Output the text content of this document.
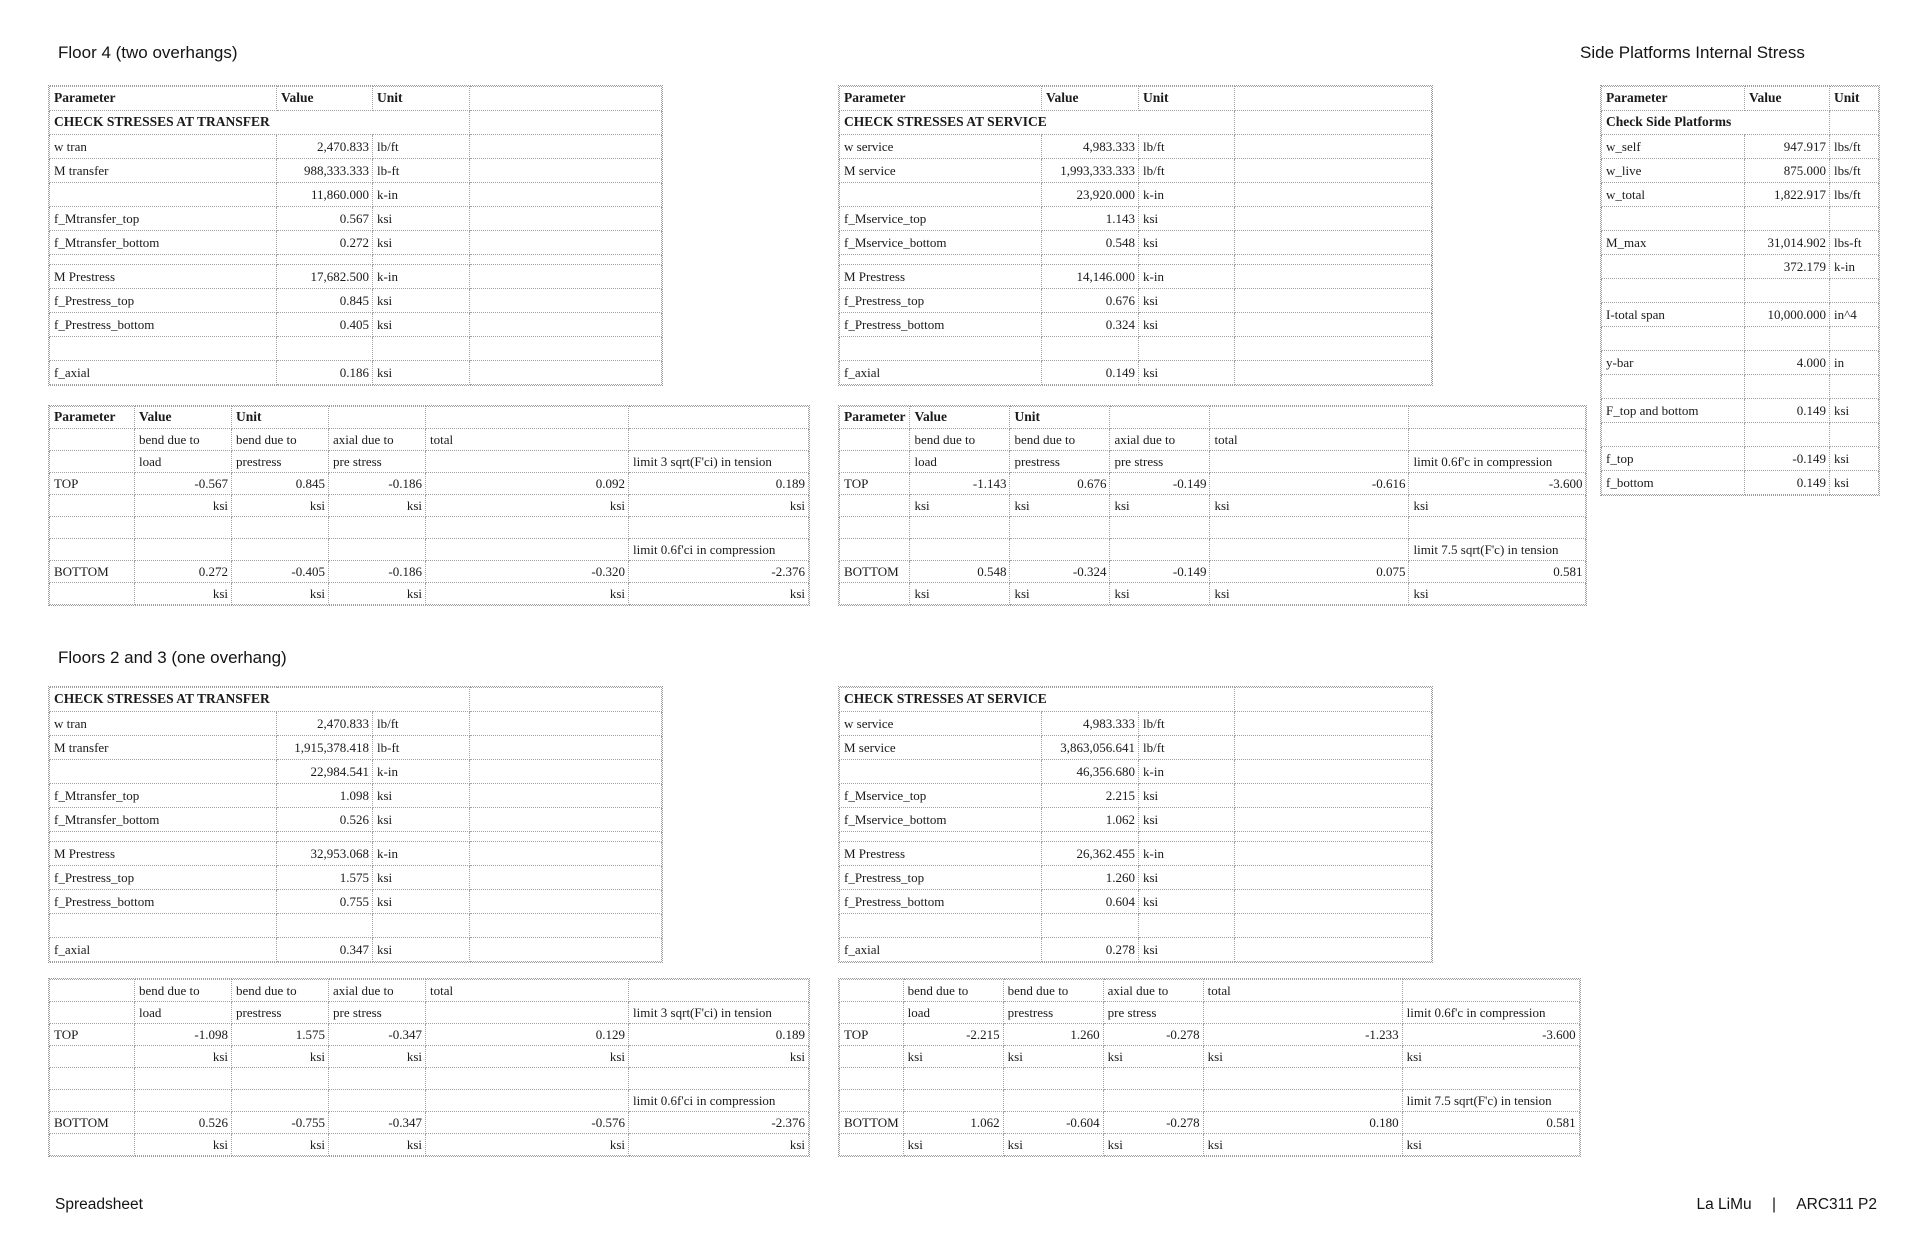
Floor 4 (two overhangs)	Side Platforms Internal Stress
Floors 2 and 3 (one overhang)
Parameter	Value	Unit	
CHECK STRESSES AT TRANSFER			
w tran	2,470.833	lb/ft	
M transfer	988,333.333	lb-ft	
	11,860.000	k-in	
f_Mtransfer_top	0.567	ksi	
f_Mtransfer_bottom	0.272	ksi	

M Prestress	17,682.500	k-in	
f_Prestress_top	0.845	ksi	
f_Prestress_bottom	0.405	ksi	

f_axial	0.186	ksi	
Parameter	Value	Unit	
CHECK STRESSES AT SERVICE			
w service	4,983.333	lb/ft	
M service	1,993,333.333	lb/ft	
	23,920.000	k-in	
f_Mservice_top	1.143	ksi	
f_Mservice_bottom	0.548	ksi	

M Prestress	14,146.000	k-in	
f_Prestress_top	0.676	ksi	
f_Prestress_bottom	0.324	ksi	

f_axial	0.149	ksi	
Parameter	Value	Unit
Check Side Platforms		
w_self	947.917	lbs/ft
w_live	875.000	lbs/ft
w_total	1,822.917	lbs/ft

M_max	31,014.902	lbs-ft
	372.179	k-in

I-total span	10,000.000	in^4

y-bar	4.000	in

F_top and bottom	0.149	ksi

f_top	-0.149	ksi
f_bottom	0.149	ksi
Parameter	Value	Unit			
	bend due to	bend due to	axial due to	total	
	load	prestress	pre stress		limit 3 sqrt(F'ci) in tension
TOP	-0.567	0.845	-0.186	0.092	0.189
	ksi	ksi	ksi	ksi	ksi

					limit 0.6f'ci in compression
BOTTOM	0.272	-0.405	-0.186	-0.320	-2.376
	ksi	ksi	ksi	ksi	ksi
Parameter	Value	Unit			
	bend due to	bend due to	axial due to	total	
	load	prestress	pre stress		limit 0.6f'c in compression
TOP	-1.143	0.676	-0.149	-0.616	-3.600
	ksi	ksi	ksi	ksi	ksi

					limit 7.5 sqrt(F'c) in tension
BOTTOM	0.548	-0.324	-0.149	0.075	0.581
	ksi	ksi	ksi	ksi	ksi
CHECK STRESSES AT TRANSFER			
w tran	2,470.833	lb/ft	
M transfer	1,915,378.418	lb-ft	
	22,984.541	k-in	
f_Mtransfer_top	1.098	ksi	
f_Mtransfer_bottom	0.526	ksi	

M Prestress	32,953.068	k-in	
f_Prestress_top	1.575	ksi	
f_Prestress_bottom	0.755	ksi	

f_axial	0.347	ksi	
CHECK STRESSES AT SERVICE			
w service	4,983.333	lb/ft	
M service	3,863,056.641	lb/ft	
	46,356.680	k-in	
f_Mservice_top	2.215	ksi	
f_Mservice_bottom	1.062	ksi	

M Prestress	26,362.455	k-in	
f_Prestress_top	1.260	ksi	
f_Prestress_bottom	0.604	ksi	

f_axial	0.278	ksi	
	bend due to	bend due to	axial due to	total	
	load	prestress	pre stress		limit 3 sqrt(F'ci) in tension
TOP	-1.098	1.575	-0.347	0.129	0.189
	ksi	ksi	ksi	ksi	ksi

					limit 0.6f'ci in compression
BOTTOM	0.526	-0.755	-0.347	-0.576	-2.376
	ksi	ksi	ksi	ksi	ksi
	bend due to	bend due to	axial due to	total	
	load	prestress	pre stress		limit 0.6f'c in compression
TOP	-2.215	1.260	-0.278	-1.233	-3.600
	ksi	ksi	ksi	ksi	ksi

					limit 7.5 sqrt(F'c) in tension
BOTTOM	1.062	-0.604	-0.278	0.180	0.581
	ksi	ksi	ksi	ksi	ksi
Spreadsheet	La LiMu | ARC311 P2
